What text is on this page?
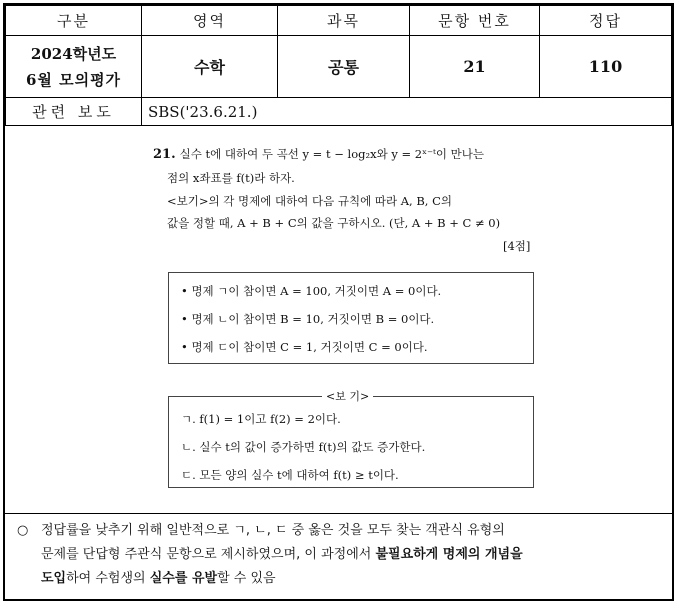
구분	영역	과목	문항 번호	정답

2024학년도
6월 모의평가	수학	공통	21	110
관련 보도	SBS('23.6.21.)			
21. 실수 t에 대하여 두 곡선 y = t − log₂x와 y = 2ˣ⁻ᵗ이 만나는
점의 x좌표를 f(t)라 하자.
<보기>의 각 명제에 대하여 다음 규칙에 따라 A, B, C의
값을 정할 때, A + B + C의 값을 구하시오. (단, A + B + C ≠ 0)
[4점]
• 명제 ㄱ이 참이면 A = 100, 거짓이면 A = 0이다.
• 명제 ㄴ이 참이면 B = 10, 거짓이면 B = 0이다.
• 명제 ㄷ이 참이면 C = 1, 거짓이면 C = 0이다.
ㄱ. f(1) = 1이고 f(2) = 2이다.
ㄴ. 실수 t의 값이 증가하면 f(t)의 값도 증가한다.
ㄷ. 모든 양의 실수 t에 대하여 f(t) ≥ t이다.
<보 기>
○ 정답률을 낮추기 위해 일반적으로 ㄱ, ㄴ, ㄷ 중 옳은 것을 모두 찾는 객관식 유형의
문제를 단답형 주관식 문항으로 제시하였으며, 이 과정에서 불필요하게 명제의 개념을
도입하여 수험생의 실수를 유발할 수 있음
